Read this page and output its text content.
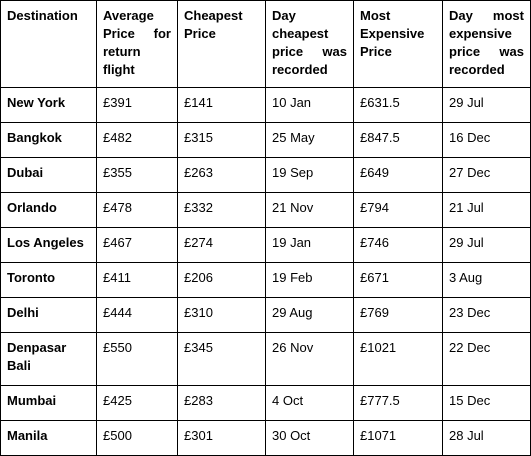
Destination	Average Price for return flight	Cheapest Price	Day cheapest price was recorded	Most Expensive Price	Day most expensive price was recorded
New York	£391	£141	10 Jan	£631.5	29 Jul
Bangkok	£482	£315	25 May	£847.5	16 Dec
Dubai	£355	£263	19 Sep	£649	27 Dec
Orlando	£478	£332	21 Nov	£794	21 Jul
Los Angeles	£467	£274	19 Jan	£746	29 Jul
Toronto	£411	£206	19 Feb	£671	3 Aug
Delhi	£444	£310	29 Aug	£769	23 Dec
Denpasar Bali	£550	£345	26 Nov	£1021	22 Dec
Mumbai	£425	£283	4 Oct	£777.5	15 Dec
Manila	£500	£301	30 Oct	£1071	28 Jul
